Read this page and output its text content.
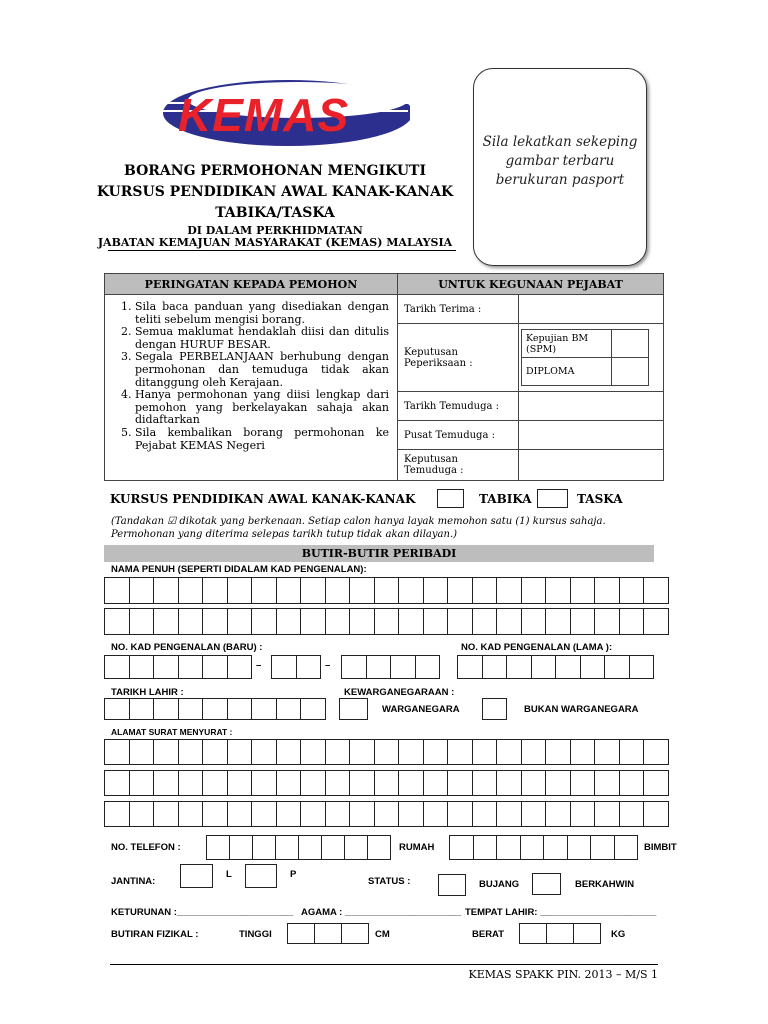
KEMAS
BORANG PERMOHONAN MENGIKUTI
KURSUS PENDIDIKAN AWAL KANAK-KANAK
TABIKA/TASKA
DI DALAM PERKHIDMATAN
JABATAN KEMAJUAN MASYARAKAT (KEMAS) MALAYSIA
Sila lekatkan sekeping gambar terbaru berukuran pasport
PERINGATAN KEPADA PEMOHON	UNTUK KEGUNAAN PEJABAT

1. Sila baca panduan yang disediakan dengan teliti sebelum mengisi borang.
2. Semua maklumat hendaklah diisi dan ditulis dengan HURUF BESAR.
3. Segala PERBELANJAAN berhubung dengan permohonan dan temuduga tidak akan ditanggung oleh Kerajaan.
4. Hanya permohonan yang diisi lengkap dari pemohon yang berkelayakan sahaja akan didaftarkan
5. Sila kembalikan borang permohonan ke Pejabat KEMAS Negeri
	Tarikh Terima :	
Keputusan Peperiksaan :	
Kepujian BM (SPM)	
DIPLOMA	

Tarikh Temuduga :	
Pusat Temuduga :	
Keputusan Temuduga :	
KURSUS PENDIDIKAN AWAL KANAK-KANAK	TABIKA	TASKA
(Tandakan ☑ dikotak yang berkenaan. Setiap calon hanya layak memohon satu (1) kursus sahaja. Permohonan yang diterima selepas tarikh tutup tidak akan dilayan.)
BUTIR-BUTIR PERIBADI
NAMA PENUH (SEPERTI DIDALAM KAD PENGENALAN):
NO. KAD PENGENALAN (BARU) :	NO. KAD PENGENALAN (LAMA ):
–	–
TARIKH LAHIR :	KEWARGANEGARAAN :
WARGANEGARA	BUKAN WARGANEGARA
ALAMAT SURAT MENYURAT :
NO. TELEFON :	RUMAH	BIMBIT
JANTINA:
L	P
STATUS :	BUJANG	BERKAHWIN
KETURUNAN :______________________ AGAMA : ______________________ TEMPAT LAHIR: ______________________
BUTIRAN FIZIKAL :	TINGGI	CM	BERAT	KG
KEMAS SPAKK PIN. 2013 – M/S 1
